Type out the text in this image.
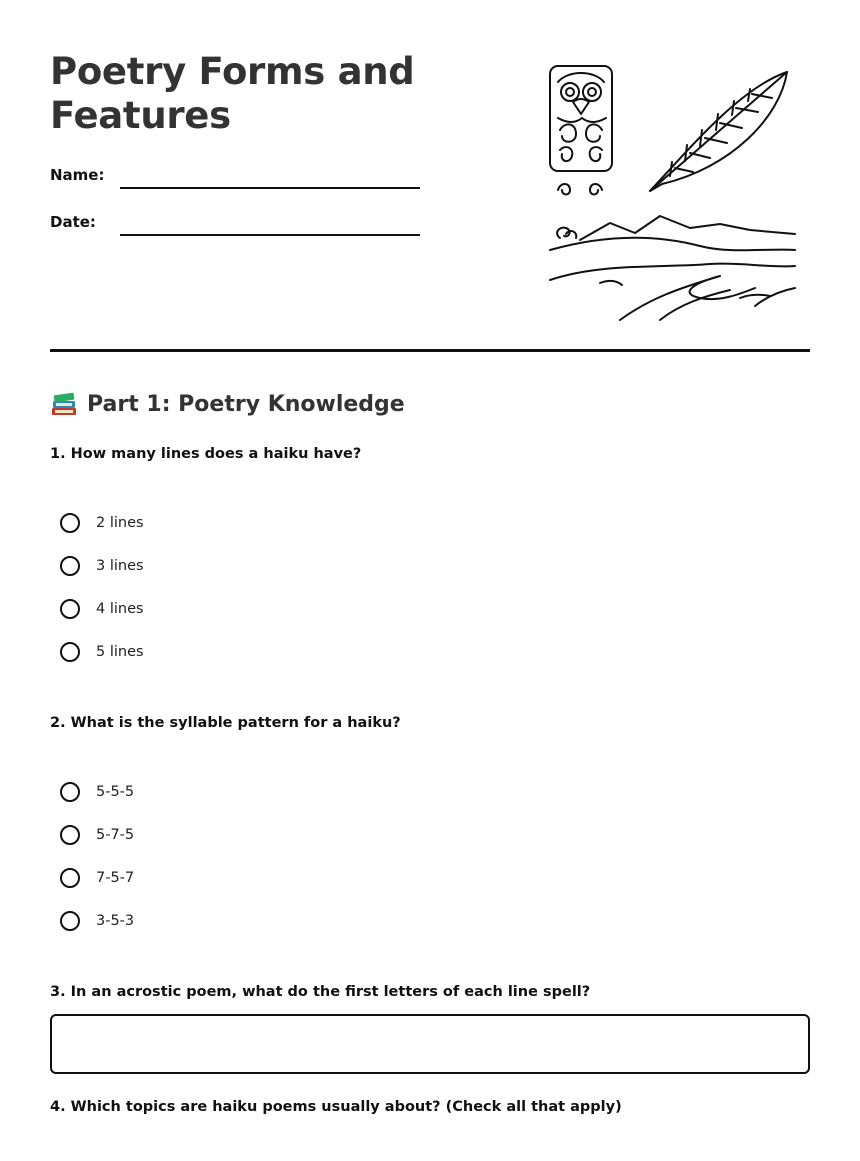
Poetry Forms and
Features
Name:
Date:
Part 1: Poetry Knowledge
1. How many lines does a haiku have?
2 lines
3 lines
4 lines
5 lines
2. What is the syllable pattern for a haiku?
5-5-5
5-7-5
7-5-7
3-5-3
3. In an acrostic poem, what do the first letters of each line spell?
4. Which topics are haiku poems usually about? (Check all that apply)
